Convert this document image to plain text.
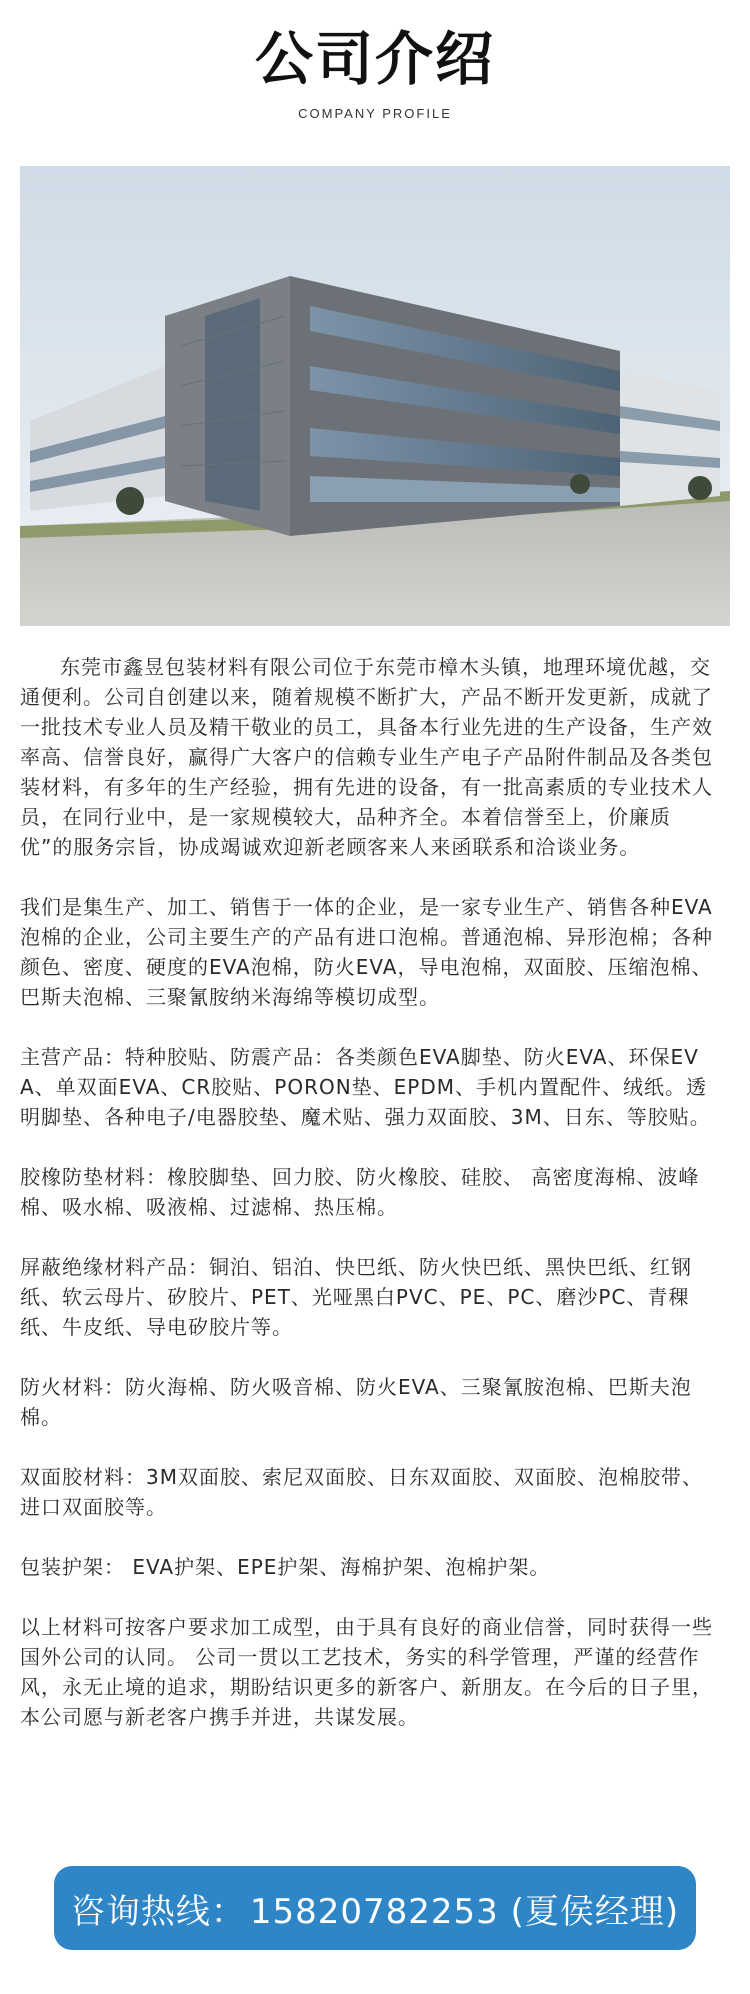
公司介绍
COMPANY PROFILE

东莞市鑫昱包装材料有限公司位于东莞市樟木头镇，地理环境优越，交通便利。公司自创建以来，随着规模不断扩大，产品不断开发更新，成就了一批技术专业人员及精干敬业的员工，具备本行业先进的生产设备，生产效率高、信誉良好，赢得广大客户的信赖专业生产电子产品附件制品及各类包装材料，有多年的生产经验，拥有先进的设备，有一批高素质的专业技术人员，在同行业中，是一家规模较大，品种齐全。本着信誉至上，价廉质优”的服务宗旨，协成竭诚欢迎新老顾客来人来函联系和洽谈业务。

我们是集生产、加工、销售于一体的企业，是一家专业生产、销售各种EVA泡棉的企业，公司主要生产的产品有进口泡棉。普通泡棉、异形泡棉；各种颜色、密度、硬度的EVA泡棉，防火EVA，导电泡棉，双面胶、压缩泡棉、巴斯夫泡棉、三聚氰胺纳米海绵等模切成型。

主营产品：特种胶贴、防震产品：各类颜色EVA脚垫、防火EVA、环保EVA、单双面EVA、CR胶贴、PORON垫、EPDM、手机内置配件、绒纸。透明脚垫、各种电子/电器胶垫、魔术贴、强力双面胶、3M、日东、等胶贴。

胶橡防垫材料：橡胶脚垫、回力胶、防火橡胶、硅胶、 高密度海棉、波峰棉、吸水棉、吸液棉、过滤棉、热压棉。

屏蔽绝缘材料产品：铜泊、铝泊、快巴纸、防火快巴纸、黑快巴纸、红钢纸、软云母片、矽胶片、PET、光哑黑白PVC、PE、PC、磨沙PC、青稞纸、牛皮纸、导电矽胶片等。

防火材料：防火海棉、防火吸音棉、防火EVA、三聚氰胺泡棉、巴斯夫泡棉。

双面胶材料：3M双面胶、索尼双面胶、日东双面胶、双面胶、泡棉胶带、进口双面胶等。

包装护架： EVA护架、EPE护架、海棉护架、泡棉护架。

以上材料可按客户要求加工成型，由于具有良好的商业信誉，同时获得一些国外公司的认同。 公司一贯以工艺技术，务实的科学管理，严谨的经营作风，永无止境的追求，期盼结识更多的新客户、新朋友。在今后的日子里，本公司愿与新老客户携手并进，共谋发展。

咨询热线： 15820782253 (夏侯经理)
